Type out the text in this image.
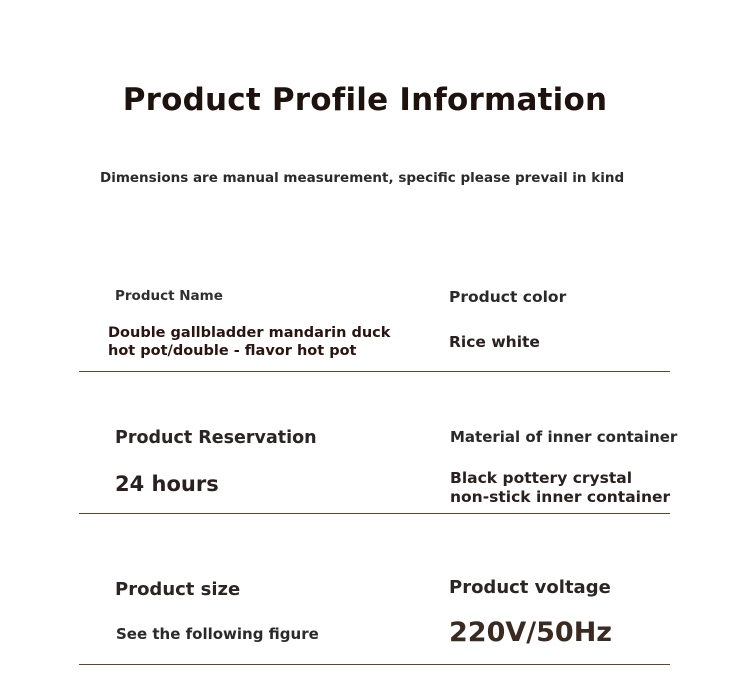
Product Profile Information
Dimensions are manual measurement, specific please prevail in kind
Product Name
Double gallbladder mandarin duck
hot pot/double - flavor hot pot
Product color
Rice white
Product Reservation
24 hours
Material of inner container
Black pottery crystal
non-stick inner container
Product size
See the following figure
Product voltage
220V/50Hz
